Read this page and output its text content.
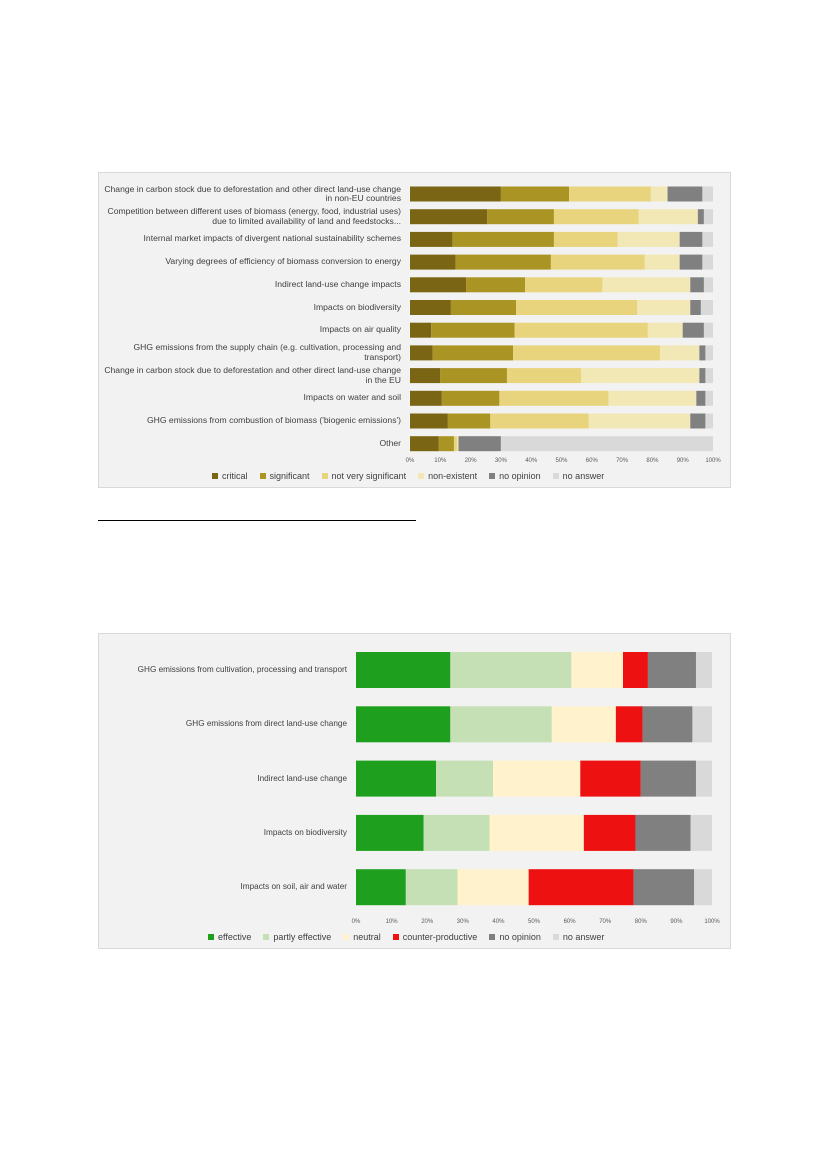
0%	10%	20%	30%	40%	50%	60%	70%	80%	90%	100%
Change in carbon stock due to deforestation and other direct land-use change in non-EU countries
Competition between different uses of biomass (energy, food, industrial uses) due to limited availability of land and feedstocks...
Internal market impacts of divergent national sustainability schemes
Varying degrees of efficiency of biomass conversion to energy
Indirect land-use change impacts
Impacts on biodiversity
Impacts on air quality
GHG emissions from the supply chain (e.g. cultivation, processing and transport)
Change in carbon stock due to deforestation and other direct land-use change in the EU
Impacts on water and soil
GHG emissions from combustion of biomass ('biogenic emissions')
Other
critical significant not very significant non-existent no opinion no answer
0%	10%	20%	30%	40%	50%	60%	70%	80%	90%	100%
GHG emissions from cultivation, processing and transport
GHG emissions from direct land-use change
Indirect land-use change
Impacts on biodiversity
Impacts on soil, air and water
effective partly effective neutral counter-productive no opinion no answer
